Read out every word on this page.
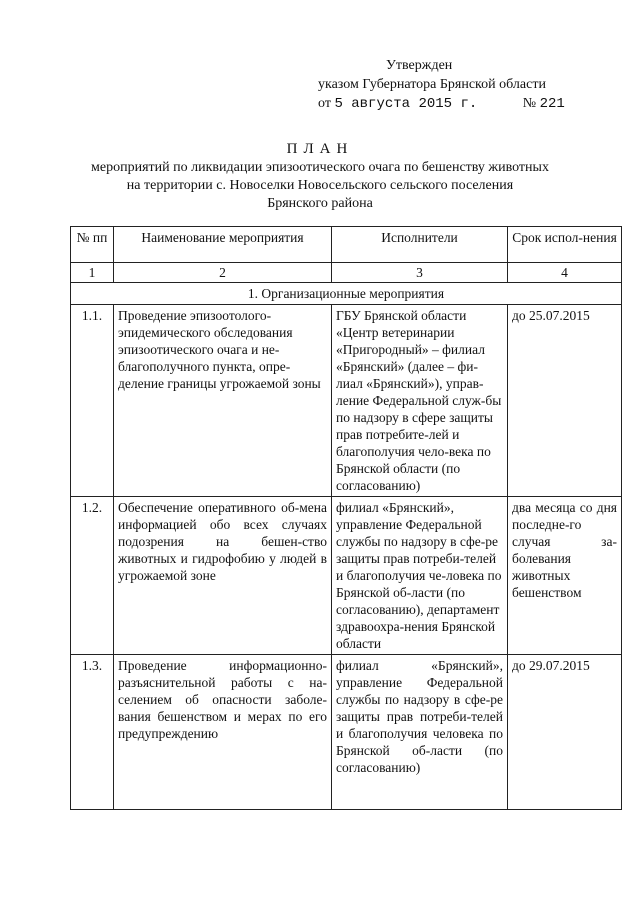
Утвержден
указом Губернатора Брянской области
от 5 августа 2015 г.	№ 221
ПЛАН
мероприятий по ликвидации эпизоотического очага по бешенству животных
на территории с. Новоселки Новосельского сельского поселения
Брянского района
№ пп	Наименование мероприятия	Исполнители	Срок испол-нения
1	2	3	4
1. Организационные мероприятия			
1.1.	Проведение эпизоотолого-эпидемического обследования эпизоотического очага и не-благополучного пункта, опре-деление границы угрожаемой зоны	ГБУ Брянской области «Центр ветеринарии «Пригородный» – филиал «Брянский» (далее – фи-лиал «Брянский»), управ-ление Федеральной служ-бы по надзору в сфере защиты прав потребите-лей и благополучия чело-века по Брянской области (по согласованию)	до 25.07.2015
1.2.	Обеспечение оперативного об-мена информацией обо всех случаях подозрения на бешен-ство животных и гидрофобию у людей в угрожаемой зоне	филиал «Брянский», управление Федеральной службы по надзору в сфе-ре защиты прав потреби-телей и благополучия че-ловека по Брянской об-ласти (по согласованию), департамент здравоохра-нения Брянской области	два месяца со дня последне-го случая за-болевания животных бешенством
1.3.	Проведение информационно-разъяснительной работы с на-селением об опасности заболе-вания бешенством и мерах по его предупреждению	филиал «Брянский», управление Федеральной службы по надзору в сфе-ре защиты прав потреби-телей и благополучия человека по Брянской об-ласти (по согласованию)	до 29.07.2015
